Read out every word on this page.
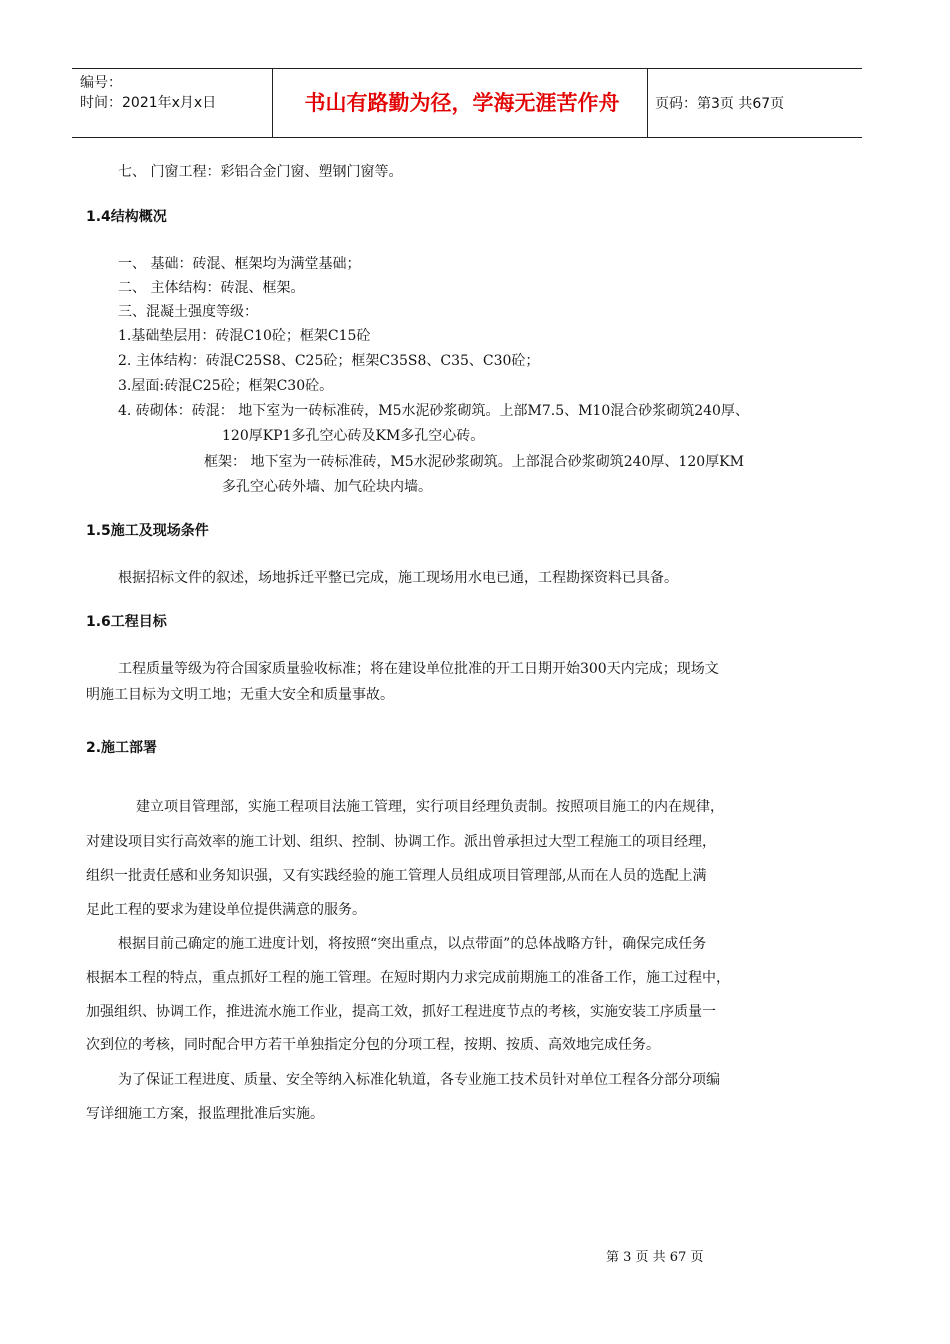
编号：
时间：2021年x月x日	书山有路勤为径，学海无涯苦作舟	页码：第3页 共67页
七、 门窗工程：彩铝合金门窗、塑钢门窗等。
1.4结构概况
一、 基础：砖混、框架均为满堂基础；
二、 主体结构：砖混、框架。
三、混凝土强度等级：
1.基础垫层用：砖混C10砼；框架C15砼
2. 主体结构：砖混C25S8、C25砼；框架C35S8、C35、C30砼；
3.屋面:砖混C25砼；框架C30砼。
4. 砖砌体：砖混： 地下室为一砖标准砖，M5水泥砂浆砌筑。上部M7.5、M10混合砂浆砌筑240厚、
120厚KP1多孔空心砖及KM多孔空心砖。
框架： 地下室为一砖标准砖，M5水泥砂浆砌筑。上部混合砂浆砌筑240厚、120厚KM
多孔空心砖外墙、加气砼块内墙。
1.5施工及现场条件
根据招标文件的叙述，场地拆迁平整已完成，施工现场用水电已通，工程勘探资料已具备。
1.6工程目标
工程质量等级为符合国家质量验收标准；将在建设单位批准的开工日期开始300天内完成；现场文
明施工目标为文明工地；无重大安全和质量事故。
2.施工部署
建立项目管理部，实施工程项目法施工管理，实行项目经理负责制。按照项目施工的内在规律，
对建设项目实行高效率的施工计划、组织、控制、协调工作。派出曾承担过大型工程施工的项目经理，
组织一批责任感和业务知识强，又有实践经验的施工管理人员组成项目管理部,从而在人员的选配上满
足此工程的要求为建设单位提供满意的服务。
根据目前己确定的施工进度计划，将按照“突出重点，以点带面”的总体战略方针，确保完成任务
根据本工程的特点，重点抓好工程的施工管理。在短时期内力求完成前期施工的准备工作，施工过程中，
加强组织、协调工作，推进流水施工作业，提高工效，抓好工程进度节点的考核，实施安装工序质量一
次到位的考核，同时配合甲方若干单独指定分包的分项工程，按期、按质、高效地完成任务。
为了保证工程进度、质量、安全等纳入标准化轨道，各专业施工技术员针对单位工程各分部分项编
写详细施工方案，报监理批准后实施。
第 3 页 共 67 页
